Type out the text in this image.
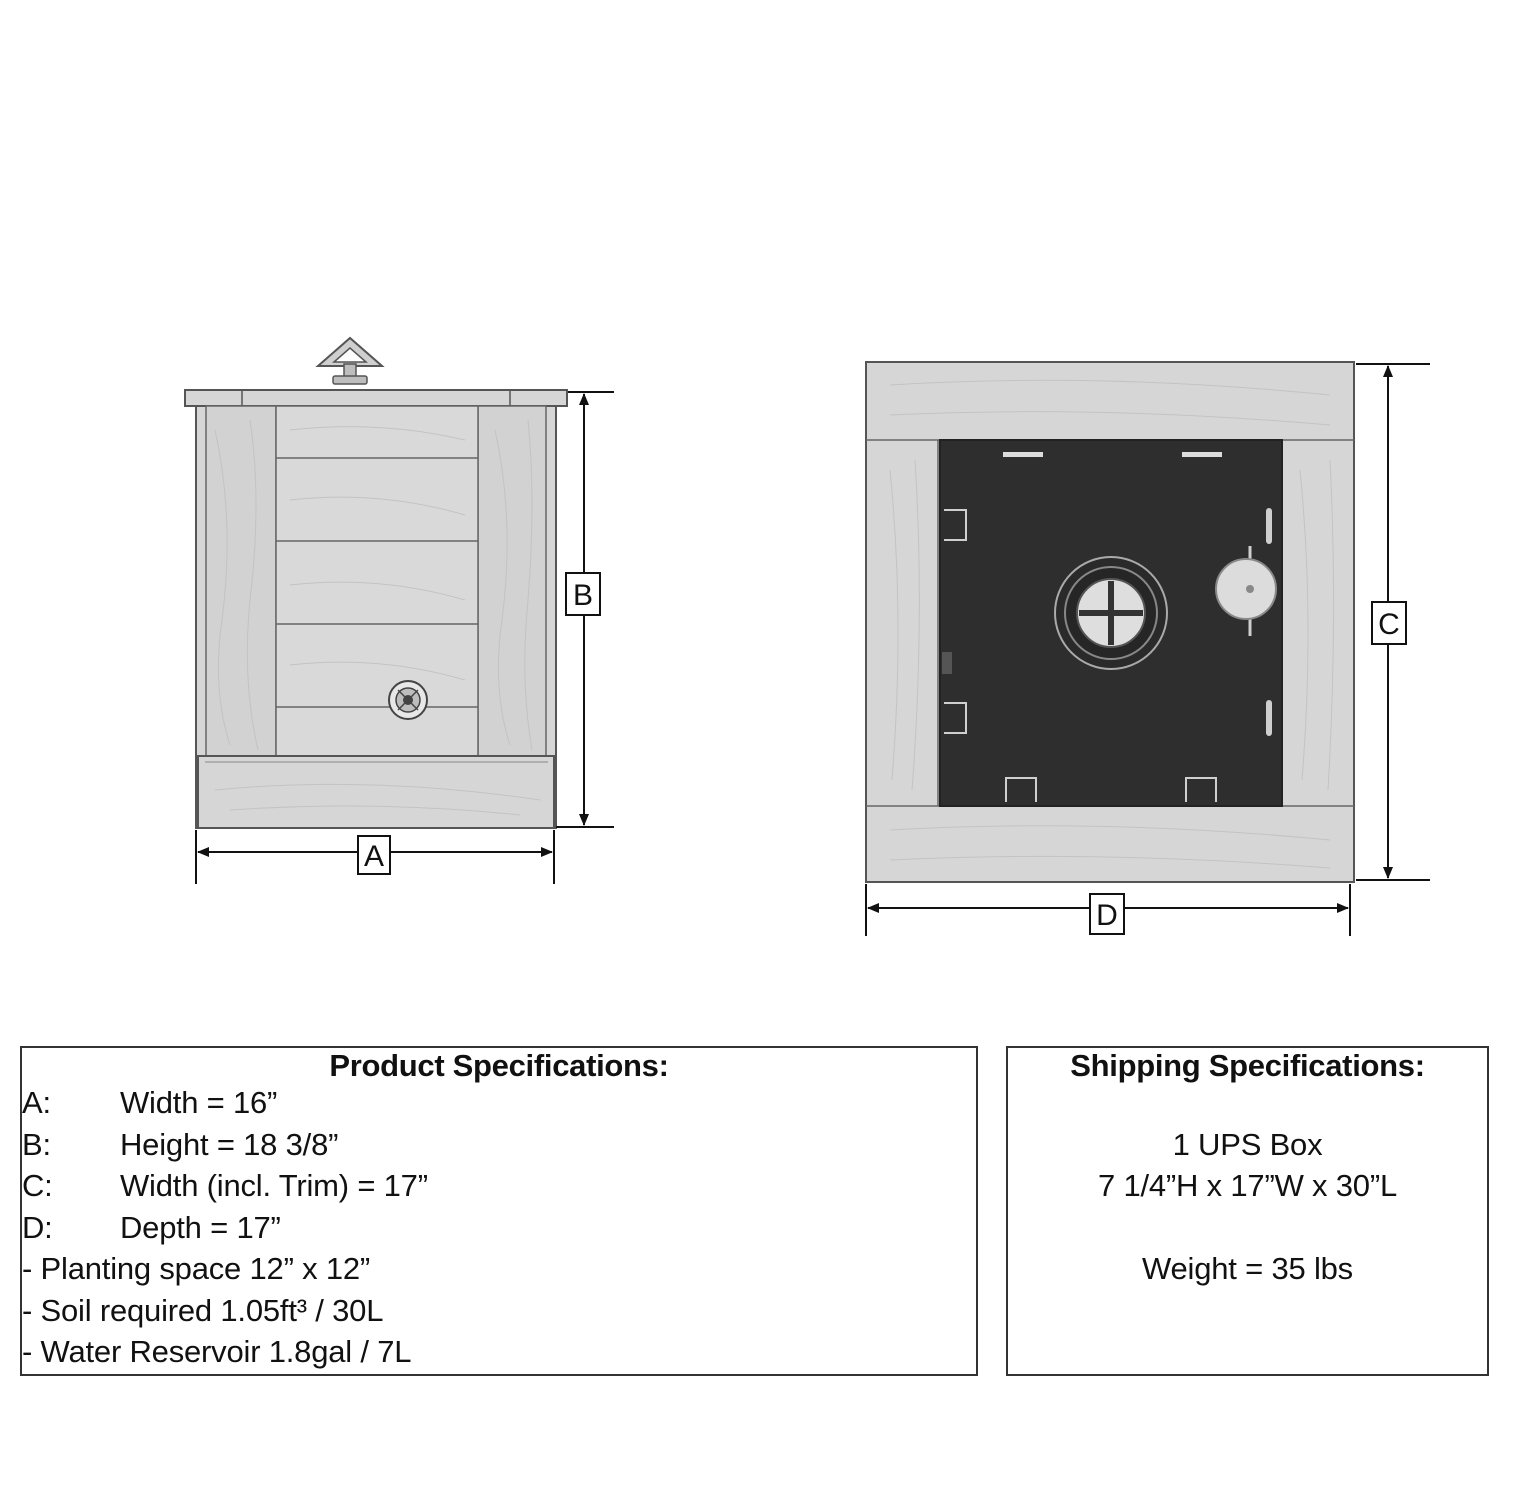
A
B
C
D
Product Specifications:
A:	Width = 16”
B:	Height = 18 3/8”
C:	Width (incl. Trim) = 17”
D:	Depth = 17”
- Planting space 12” x 12”
- Soil required 1.05ft³ / 30L
- Water Reservoir 1.8gal / 7L
Shipping Specifications:
1 UPS Box
7 1/4”H x 17”W x 30”L
Weight = 35 lbs
